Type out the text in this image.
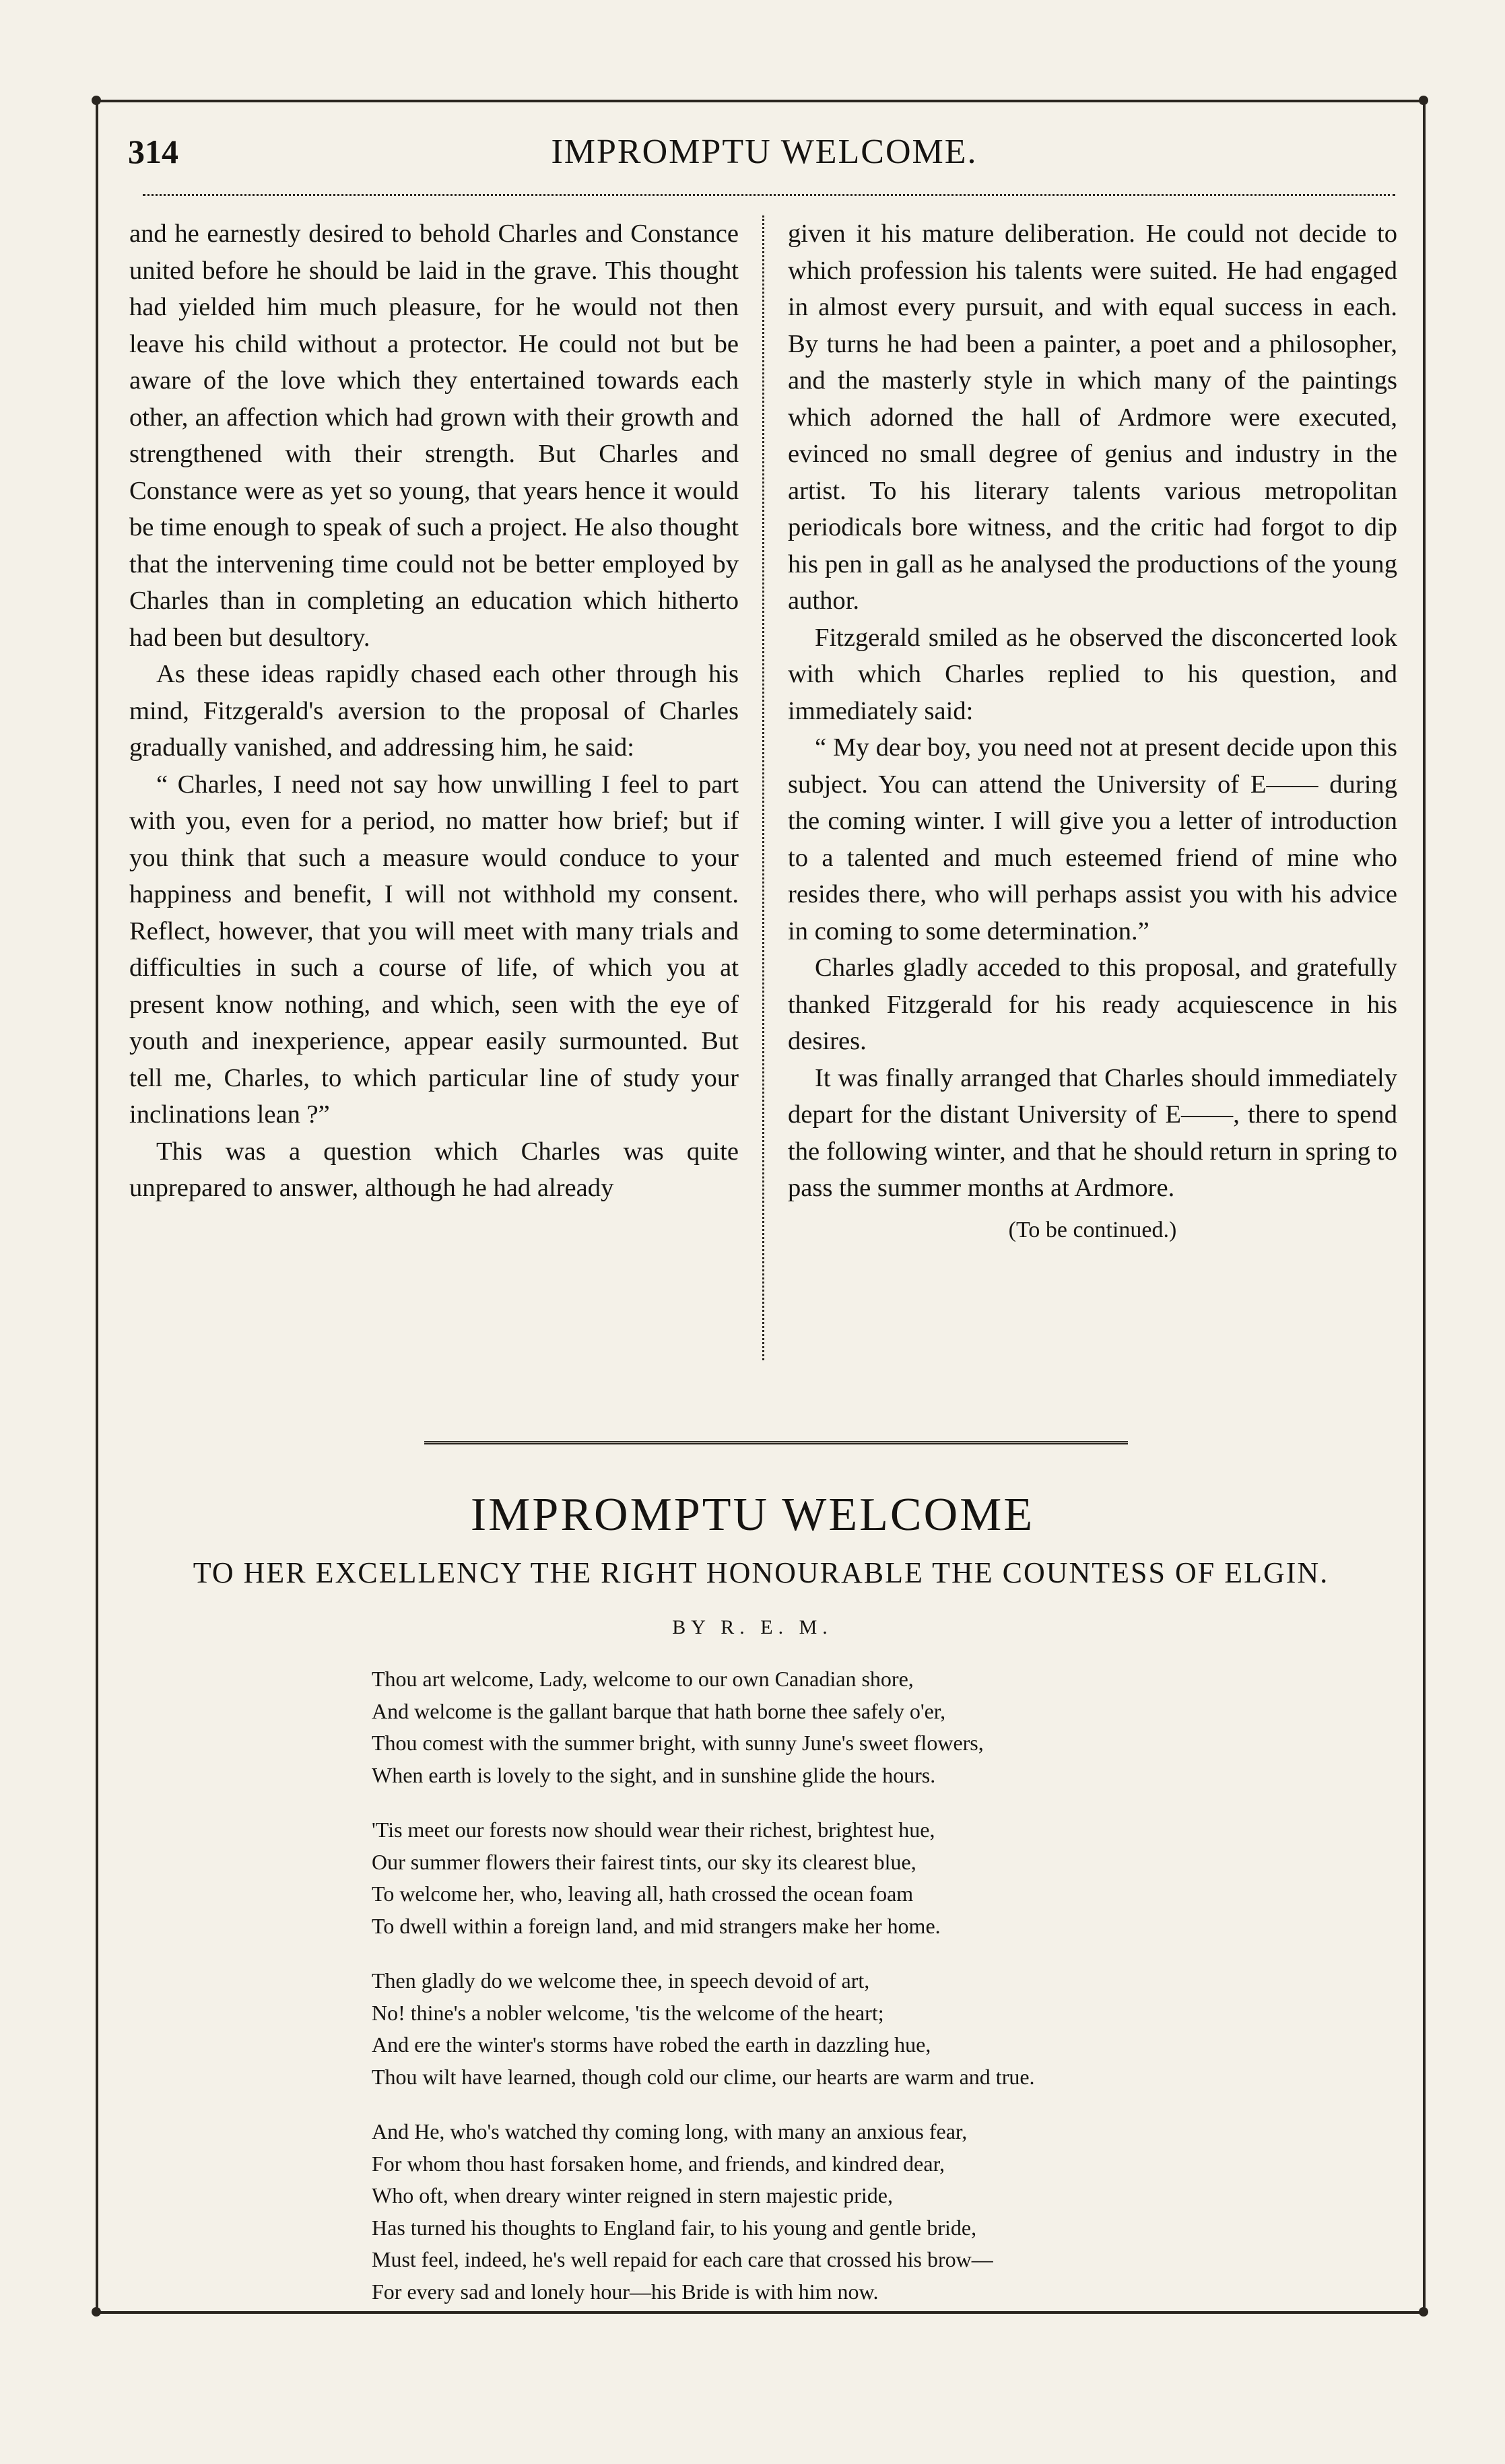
314	IMPROMPTU WELCOME.

and he earnestly desired to behold Charles and Constance united before he should be laid in the grave. This thought had yielded him much pleasure, for he would not then leave his child without a protector. He could not but be aware of the love which they entertained towards each other, an affection which had grown with their growth and strengthened with their strength. But Charles and Constance were as yet so young, that years hence it would be time enough to speak of such a project. He also thought that the intervening time could not be better employed by Charles than in completing an education which hitherto had been but desultory.

As these ideas rapidly chased each other through his mind, Fitzgerald's aversion to the proposal of Charles gradually vanished, and addressing him, he said:

“ Charles, I need not say how unwilling I feel to part with you, even for a period, no matter how brief; but if you think that such a measure would conduce to your happiness and benefit, I will not withhold my consent. Reflect, however, that you will meet with many trials and difficulties in such a course of life, of which you at present know nothing, and which, seen with the eye of youth and inexperience, appear easily surmounted. But tell me, Charles, to which particular line of study your inclinations lean ?”

This was a question which Charles was quite unprepared to answer, although he had already

given it his mature deliberation. He could not decide to which profession his talents were suited. He had engaged in almost every pursuit, and with equal success in each. By turns he had been a painter, a poet and a philosopher, and the masterly style in which many of the paintings which adorned the hall of Ardmore were executed, evinced no small degree of genius and industry in the artist. To his literary talents various metropolitan periodicals bore witness, and the critic had forgot to dip his pen in gall as he analysed the productions of the young author.

Fitzgerald smiled as he observed the disconcerted look with which Charles replied to his question, and immediately said:

“ My dear boy, you need not at present decide upon this subject. You can attend the University of E—— during the coming winter. I will give you a letter of introduction to a talented and much esteemed friend of mine who resides there, who will perhaps assist you with his advice in coming to some determination.”

Charles gladly acceded to this proposal, and gratefully thanked Fitzgerald for his ready acquiescence in his desires.

It was finally arranged that Charles should immediately depart for the distant University of E——, there to spend the following winter, and that he should return in spring to pass the summer months at Ardmore.

(To be continued.)
IMPROMPTU WELCOME
TO HER EXCELLENCY THE RIGHT HONOURABLE THE COUNTESS OF ELGIN.
BY R. E. M.
Thou art welcome, Lady, welcome to our own Canadian shore,
And welcome is the gallant barque that hath borne thee safely o'er,
Thou comest with the summer bright, with sunny June's sweet flowers,
When earth is lovely to the sight, and in sunshine glide the hours.
'Tis meet our forests now should wear their richest, brightest hue,
Our summer flowers their fairest tints, our sky its clearest blue,
To welcome her, who, leaving all, hath crossed the ocean foam
To dwell within a foreign land, and mid strangers make her home.
Then gladly do we welcome thee, in speech devoid of art,
No! thine's a nobler welcome, 'tis the welcome of the heart;
And ere the winter's storms have robed the earth in dazzling hue,
Thou wilt have learned, though cold our clime, our hearts are warm and true.
And He, who's watched thy coming long, with many an anxious fear,
For whom thou hast forsaken home, and friends, and kindred dear,
Who oft, when dreary winter reigned in stern majestic pride,
Has turned his thoughts to England fair, to his young and gentle bride,
Must feel, indeed, he's well repaid for each care that crossed his brow—
For every sad and lonely hour—his Bride is with him now.
